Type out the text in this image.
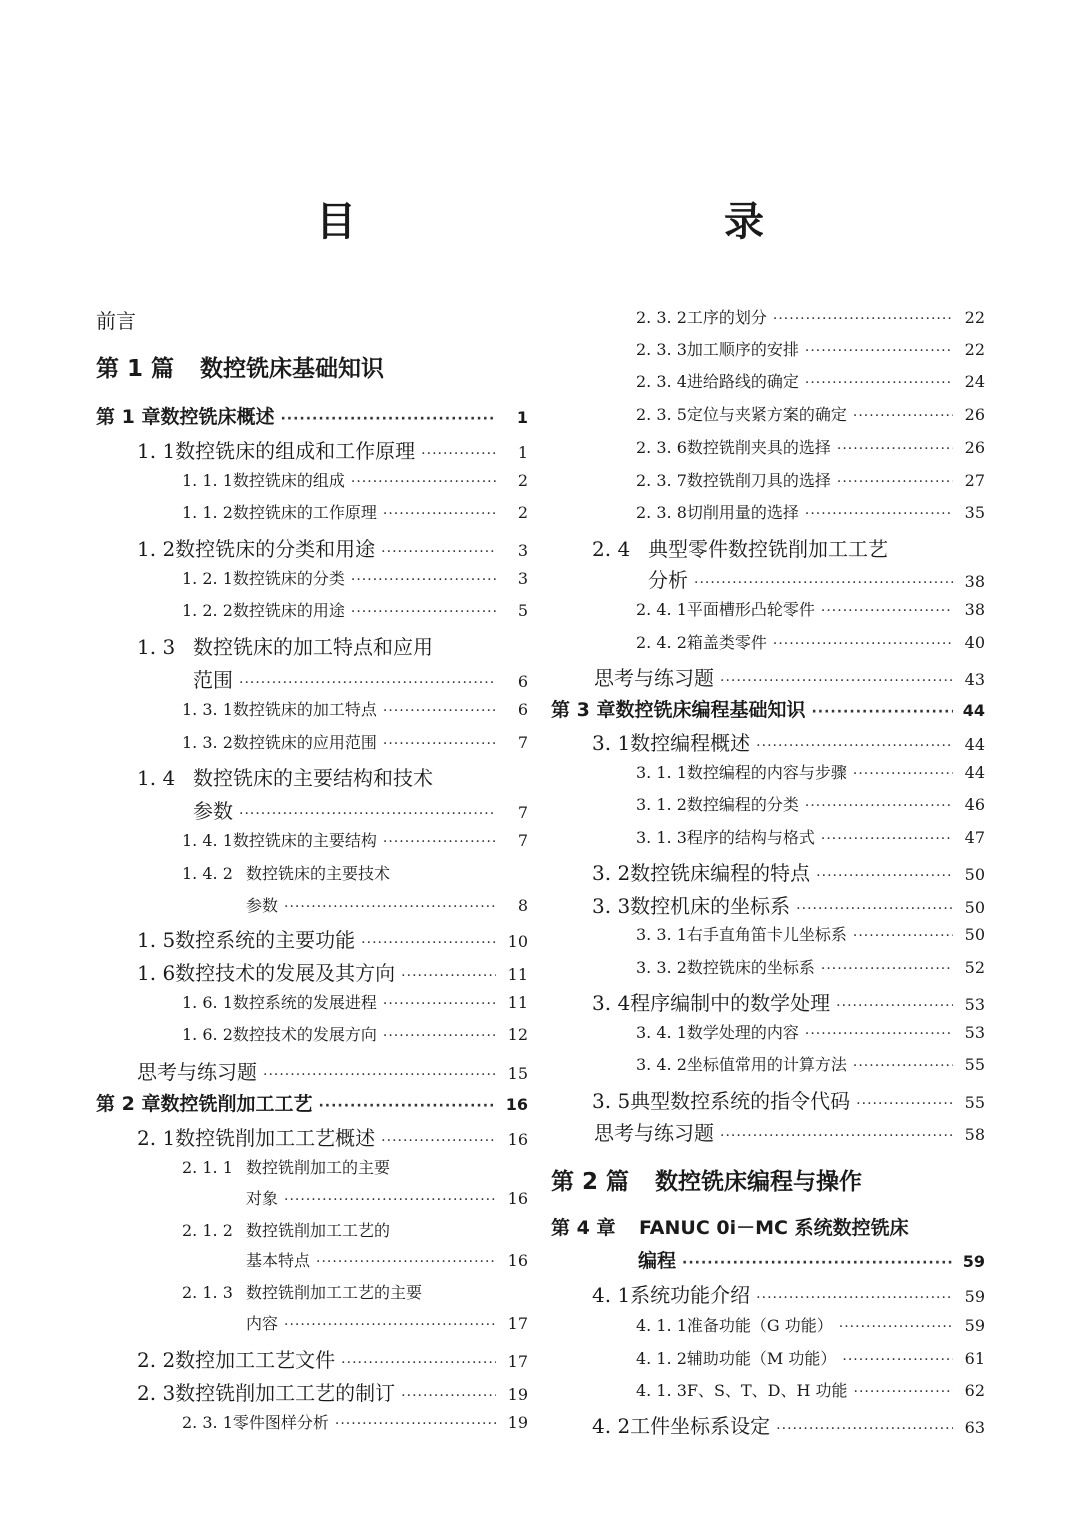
目　　录
前言
第 1 篇 数控铣床基础知识
第 1 章 数控铣床概述 ·····	1
1. 1 数控铣床的组成和工作原理 ·····	1
1. 1. 1 数控铣床的组成 ·····	2
1. 1. 2 数控铣床的工作原理 ·····	2
1. 2 数控铣床的分类和用途 ·····	3
1. 2. 1 数控铣床的分类 ·····	3
1. 2. 2 数控铣床的用途 ·····	5
1. 3 数控铣床的加工特点和应用
范围 ·····	6
1. 3. 1 数控铣床的加工特点 ·····	6
1. 3. 2 数控铣床的应用范围 ·····	7
1. 4 数控铣床的主要结构和技术
参数 ·····	7
1. 4. 1 数控铣床的主要结构 ·····	7
1. 4. 2 数控铣床的主要技术
参数 ·····	8
1. 5 数控系统的主要功能 ·····	10
1. 6 数控技术的发展及其方向 ·····	11
1. 6. 1 数控系统的发展进程 ·····	11
1. 6. 2 数控技术的发展方向 ·····	12
思考与练习题 ·····	15
第 2 章 数控铣削加工工艺 ·····	16
2. 1 数控铣削加工工艺概述 ·····	16
2. 1. 1 数控铣削加工的主要
对象 ·····	16
2. 1. 2 数控铣削加工工艺的
基本特点 ·····	16
2. 1. 3 数控铣削加工工艺的主要
内容 ·····	17
2. 2 数控加工工艺文件 ·····	17
2. 3 数控铣削加工工艺的制订 ·····	19
2. 3. 1 零件图样分析 ·····	19
2. 3. 2 工序的划分 ·····	22
2. 3. 3 加工顺序的安排 ·····	22
2. 3. 4 进给路线的确定 ·····	24
2. 3. 5 定位与夹紧方案的确定 ·····	26
2. 3. 6 数控铣削夹具的选择 ·····	26
2. 3. 7 数控铣削刀具的选择 ·····	27
2. 3. 8 切削用量的选择 ·····	35
2. 4 典型零件数控铣削加工工艺
分析 ·····	38
2. 4. 1 平面槽形凸轮零件 ·····	38
2. 4. 2 箱盖类零件 ·····	40
思考与练习题 ·····	43
第 3 章 数控铣床编程基础知识 ·····	44
3. 1 数控编程概述 ·····	44
3. 1. 1 数控编程的内容与步骤 ·····	44
3. 1. 2 数控编程的分类 ·····	46
3. 1. 3 程序的结构与格式 ·····	47
3. 2 数控铣床编程的特点 ·····	50
3. 3 数控机床的坐标系 ·····	50
3. 3. 1 右手直角笛卡儿坐标系 ·····	50
3. 3. 2 数控铣床的坐标系 ·····	52
3. 4 程序编制中的数学处理 ·····	53
3. 4. 1 数学处理的内容 ·····	53
3. 4. 2 坐标值常用的计算方法 ·····	55
3. 5 典型数控系统的指令代码 ·····	55
思考与练习题 ·····	58
第 2 篇 数控铣床编程与操作
第 4 章	FANUC 0i－MC 系统数控铣床
编程 ·····	59
4. 1 系统功能介绍 ·····	59
4. 1. 1 准备功能（G 功能） ·····	59
4. 1. 2 辅助功能（M 功能） ·····	61
4. 1. 3 F、S、T、D、H 功能 ·····	62
4. 2 工件坐标系设定 ·····	63
